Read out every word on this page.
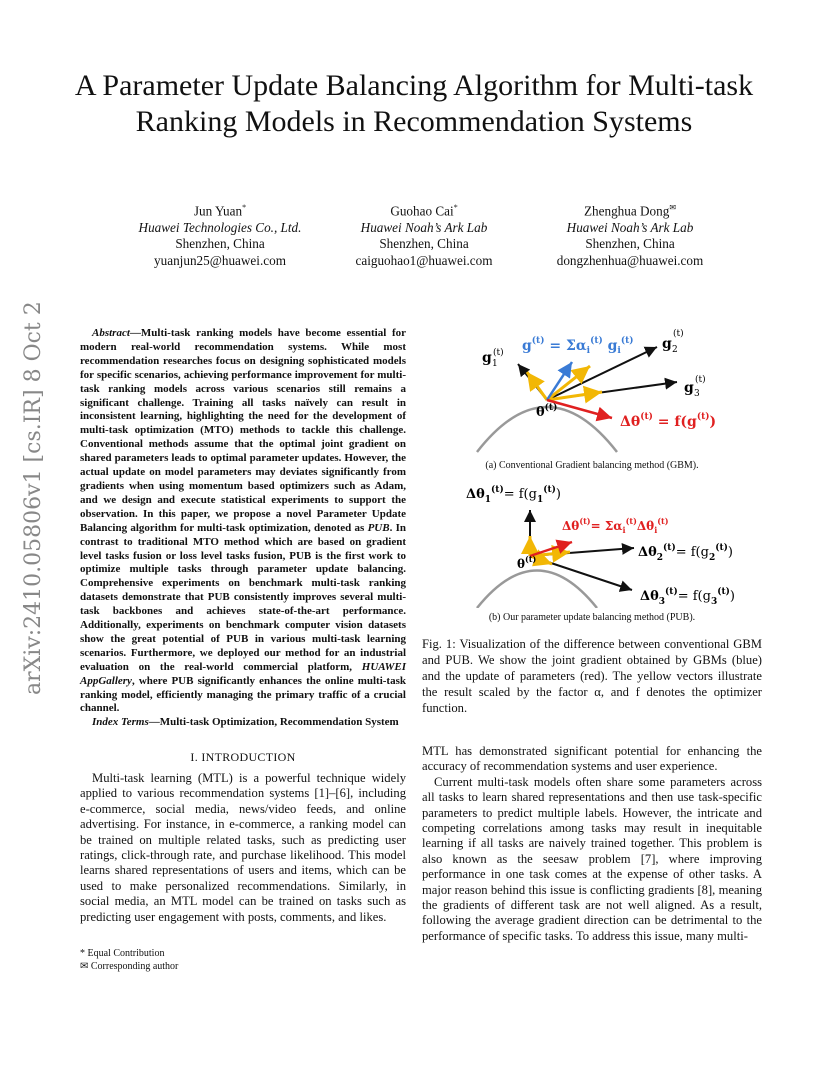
arXiv:2410.05806v1 [cs.IR] 8 Oct 2024
A Parameter Update Balancing Algorithm for Multi-task Ranking Models in Recommendation Systems
Jun Yuan*
Huawei Technologies Co., Ltd.
Shenzhen, China
yuanjun25@huawei.com
Guohao Cai*
Huawei Noah’s Ark Lab
Shenzhen, China
caiguohao1@huawei.com
Zhenghua Dong✉
Huawei Noah’s Ark Lab
Shenzhen, China
dongzhenhua@huawei.com
Abstract—Multi-task ranking models have become essential for modern real-world recommendation systems. While most recommendation researches focus on designing sophisticated models for specific scenarios, achieving performance improvement for multi-task ranking models across various scenarios still remains a significant challenge. Training all tasks naïvely can result in inconsistent learning, highlighting the need for the development of multi-task optimization (MTO) methods to tackle this challenge. Conventional methods assume that the optimal joint gradient on shared parameters leads to optimal parameter updates. However, the actual update on model parameters may deviates significantly from gradients when using momentum based optimizers such as Adam, and we design and execute statistical experiments to support the observation. In this paper, we propose a novel Parameter Update Balancing algorithm for multi-task optimization, denoted as PUB. In contrast to traditional MTO method which are based on gradient level tasks fusion or loss level tasks fusion, PUB is the first work to optimize multiple tasks through parameter update balancing. Comprehensive experiments on benchmark multi-task ranking datasets demonstrate that PUB consistently improves several multi-task backbones and achieves state-of-the-art performance. Additionally, experiments on benchmark computer vision datasets show the great potential of PUB in various multi-task learning scenarios. Furthermore, we deployed our method for an industrial evaluation on the real-world commercial platform, HUAWEI AppGallery, where PUB significantly enhances the online multi-task ranking model, efficiently managing the primary traffic of a crucial channel.
Index Terms—Multi-task Optimization, Recommendation System
I. INTRODUCTION
Multi-task learning (MTL) is a powerful technique widely applied to various recommendation systems [1]–[6], including e-commerce, social media, news/video feeds, and online advertising. For instance, in e-commerce, a ranking model can be trained on multiple related tasks, such as predicting user ratings, click-through rate, and purchase likelihood. This model learns shared representations of users and items, which can be used to make personalized recommendations. Similarly, in social media, an MTL model can be trained on tasks such as predicting user engagement with posts, comments, and likes.
* Equal Contribution
✉ Corresponding author
g 1
(t) $g^{(t)} = \Sigma\alpha_i^{(t)}$ $g_i^{(t)}$ g 2
(t)
g 3
(t)
$\theta^{(t)}$
$\Delta\theta^{(t)} = f(g^{(t)})$
(a) Conventional Gradient balancing method (GBM).
$\Delta\theta_1^{(t)}= f(g_1^{(t)})$
$\Delta\theta^{(t)}= \Sigma\alpha_i^{(t)}\Delta\theta_i^{(t)}$
$\theta^{(t)}$	$\Delta\theta_2^{(t)}= f(g_2^{(t)})$
$\Delta\theta_3^{(t)}= f(g_3^{(t)})$
(b) Our parameter update balancing method (PUB).
Fig. 1: Visualization of the difference between conventional GBM and PUB. We show the joint gradient obtained by GBMs (blue) and the update of parameters (red). The yellow vectors illustrate the result scaled by the factor α, and f denotes the optimizer function.
MTL has demonstrated significant potential for enhancing the accuracy of recommendation systems and user experience.
Current multi-task models often share some parameters across all tasks to learn shared representations and then use task-specific parameters to predict multiple labels. However, the intricate and competing correlations among tasks may result in inequitable learning if all tasks are naively trained together. This problem is also known as the seesaw problem [7], where improving performance in one task comes at the expense of other tasks. A major reason behind this issue is conflicting gradients [8], meaning the gradients of different task are not well aligned. As a result, following the average gradient direction can be detrimental to the performance of specific tasks. To address this issue, many multi-
